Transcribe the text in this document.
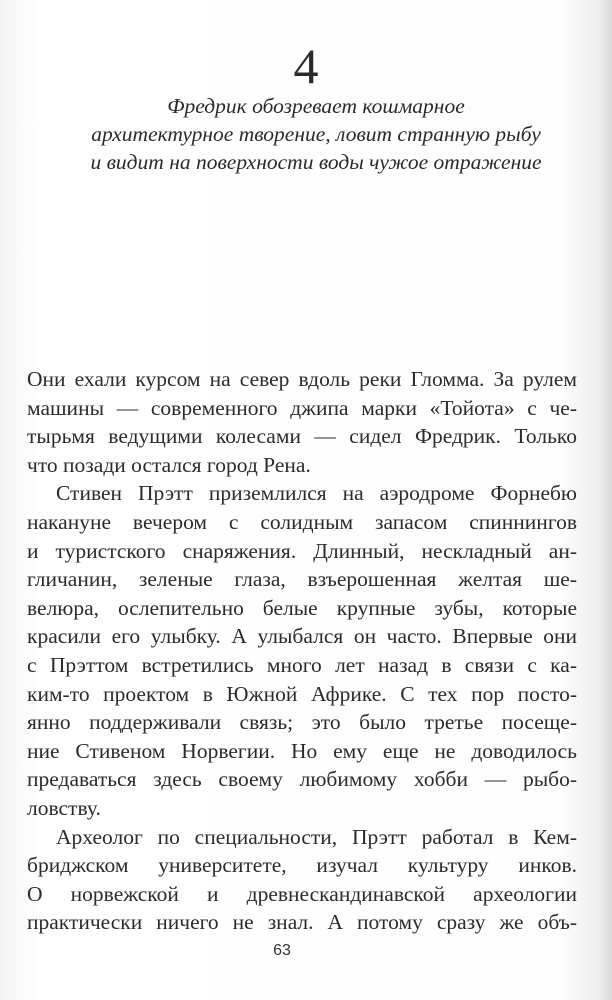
4
Фредрик обозревает кошмарное
архитектурное творение, ловит странную рыбу
и видит на поверхности воды чужое отражение
Они ехали курсом на север вдоль реки Гломма. За рулем
машины — современного джипа марки «Тойота» с че-
тырьмя ведущими колесами — сидел Фредрик. Только
что позади остался город Рена.
Стивен Прэтт приземлился на аэродроме Форнебю
накануне вечером с солидным запасом спиннингов
и туристского снаряжения. Длинный, нескладный ан-
гличанин, зеленые глаза, взъерошенная желтая ше-
велюра, ослепительно белые крупные зубы, которые
красили его улыбку. А улыбался он часто. Впервые они
с Прэттом встретились много лет назад в связи с ка-
ким-то проектом в Южной Африке. С тех пор посто-
янно поддерживали связь; это было третье посеще-
ние Стивеном Норвегии. Но ему еще не доводилось
предаваться здесь своему любимому хобби — рыбо-
ловству.
Археолог по специальности, Прэтт работал в Кем-
бриджском университете, изучал культуру инков.
О норвежской и древнескандинавской археологии
практически ничего не знал. А потому сразу же объ-
63
